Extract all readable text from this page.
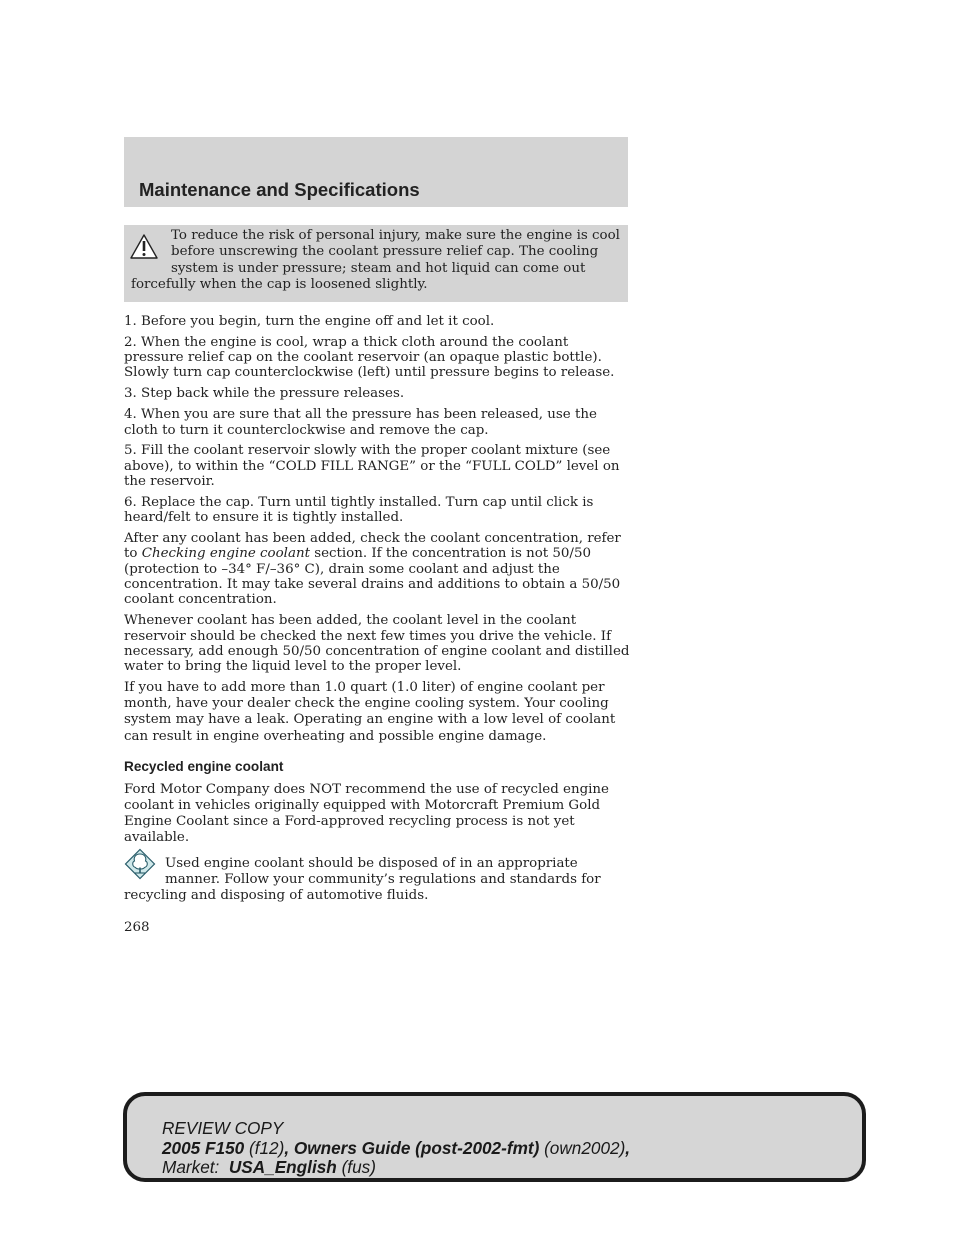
Maintenance and Specifications
To reduce the risk of personal injury, make sure the engine is cool before unscrewing the coolant pressure relief cap. The cooling system is under pressure; steam and hot liquid can come out forcefully when the cap is loosened slightly.

1. Before you begin, turn the engine off and let it cool.

2. When the engine is cool, wrap a thick cloth around the coolant pressure relief cap on the coolant reservoir (an opaque plastic bottle). Slowly turn cap counterclockwise (left) until pressure begins to release.

3. Step back while the pressure releases.

4. When you are sure that all the pressure has been released, use the cloth to turn it counterclockwise and remove the cap.

5. Fill the coolant reservoir slowly with the proper coolant mixture (see above), to within the “COLD FILL RANGE” or the “FULL COLD” level on the reservoir.

6. Replace the cap. Turn until tightly installed. Turn cap until click is heard/felt to ensure it is tightly installed.

After any coolant has been added, check the coolant concentration, refer to Checking engine coolant section. If the concentration is not 50/50 (protection to –34° F/–36° C), drain some coolant and adjust the concentration. It may take several drains and additions to obtain a 50/50 coolant concentration.

Whenever coolant has been added, the coolant level in the coolant reservoir should be checked the next few times you drive the vehicle. If necessary, add enough 50/50 concentration of engine coolant and distilled water to bring the liquid level to the proper level.

If you have to add more than 1.0 quart (1.0 liter) of engine coolant per month, have your dealer check the engine cooling system. Your cooling system may have a leak. Operating an engine with a low level of coolant can result in engine overheating and possible engine damage.

Recycled engine coolant

Ford Motor Company does NOT recommend the use of recycled engine coolant in vehicles originally equipped with Motorcraft Premium Gold Engine Coolant since a Ford-approved recycling process is not yet available.

Used engine coolant should be disposed of in an appropriate manner. Follow your community’s regulations and standards for recycling and disposing of automotive fluids.
268
REVIEW COPY
2005 F150 (f12), Owners Guide (post-2002-fmt) (own2002),
Market: USA_English (fus)
